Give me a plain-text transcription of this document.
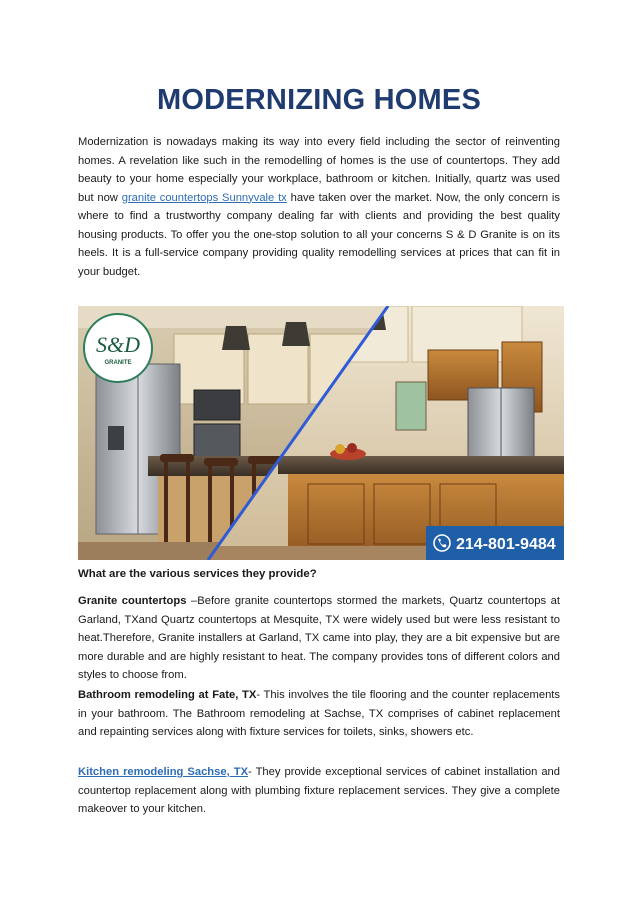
MODERNIZING HOMES

Modernization is nowadays making its way into every field including the sector of reinventing homes. A revelation like such in the remodelling of homes is the use of countertops. They add beauty to your home especially your workplace, bathroom or kitchen. Initially, quartz was used but now granite countertops Sunnyvale tx have taken over the market. Now, the only concern is where to find a trustworthy company dealing far with clients and providing the best quality housing products. To offer you the one-stop solution to all your concerns S & D Granite is on its heels. It is a full-service company providing quality remodelling services at prices that can fit in your budget.

S&D
GRANITE
214-801-9484

What are the various services they provide?

Granite countertops –Before granite countertops stormed the markets, Quartz countertops at Garland, TXand Quartz countertops at Mesquite, TX were widely used but were less resistant to heat.Therefore, Granite installers at Garland, TX came into play, they are a bit expensive but are more durable and are highly resistant to heat. The company provides tons of different colors and styles to choose from.

Bathroom remodeling at Fate, TX- This involves the tile flooring and the counter replacements in your bathroom. The Bathroom remodeling at Sachse, TX comprises of cabinet replacement and repainting services along with fixture services for toilets, sinks, showers etc.

Kitchen remodeling Sachse, TX- They provide exceptional services of cabinet installation and countertop replacement along with plumbing fixture replacement services. They give a complete makeover to your kitchen.
